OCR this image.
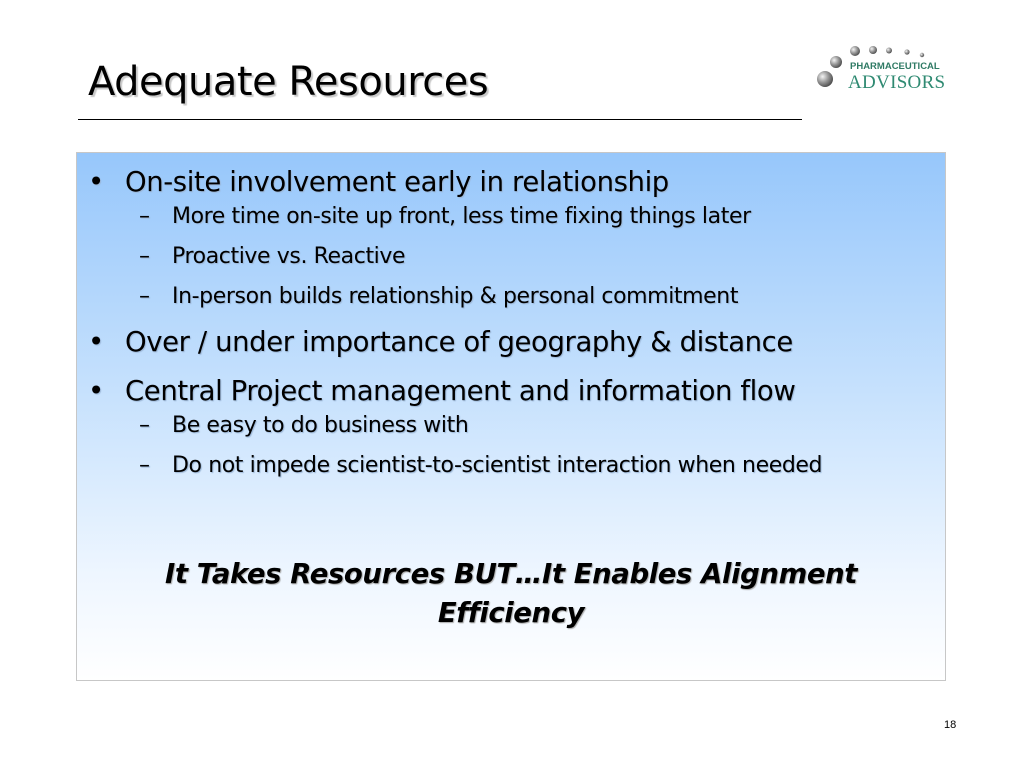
Adequate Resources	PHARMACEUTICAL
ADVISORS
• On-site involvement early in relationship
– More time on-site up front, less time fixing things later
– Proactive vs. Reactive
– In-person builds relationship & personal commitment
• Over / under importance of geography & distance
• Central Project management and information flow
– Be easy to do business with
– Do not impede scientist-to-scientist interaction when needed
It Takes Resources BUT…It Enables Alignment
Efficiency
18
